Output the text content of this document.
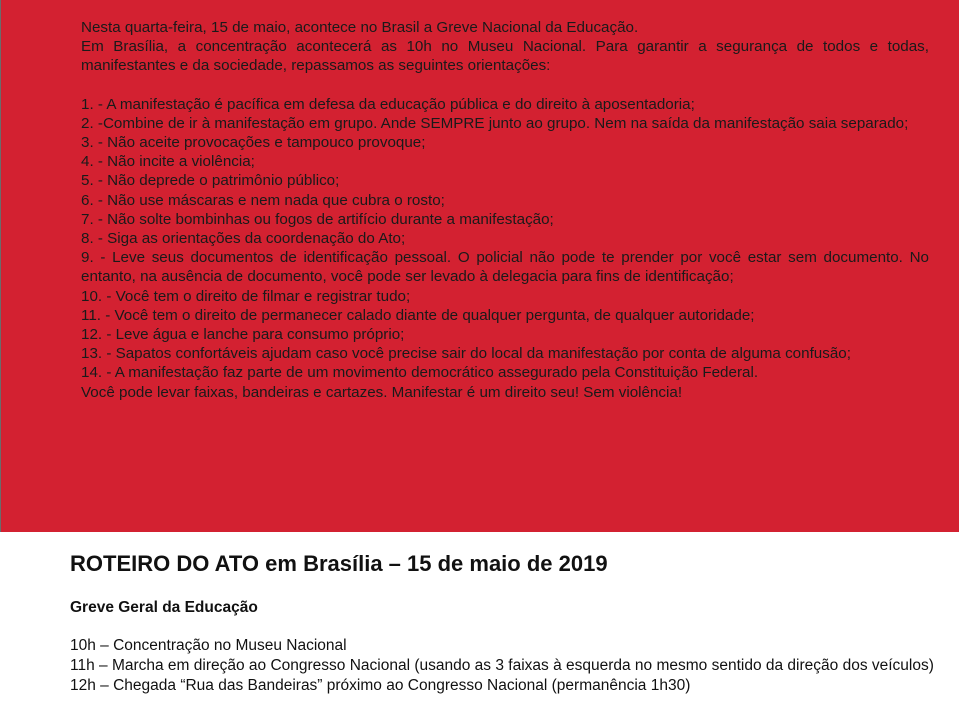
Nesta quarta-feira, 15 de maio, acontece no Brasil a Greve Nacional da Educação.

Em Brasília, a concentração acontecerá as 10h no Museu Nacional. Para garantir a segurança de todos e todas, manifestantes e da sociedade, repassamos as seguintes orientações:

1. - A manifestação é pacífica em defesa da educação pública e do direito à aposentadoria;
2. -Combine de ir à manifestação em grupo. Ande SEMPRE junto ao grupo. Nem na saída da manifestação saia separado;
3. - Não aceite provocações e tampouco provoque;
4. - Não incite a violência;
5. - Não deprede o patrimônio público;
6. - Não use máscaras e nem nada que cubra o rosto;
7. - Não solte bombinhas ou fogos de artifício durante a manifestação;
8. - Siga as orientações da coordenação do Ato;
9. - Leve seus documentos de identificação pessoal. O policial não pode te prender por você estar sem documento. No entanto, na ausência de documento, você pode ser levado à delegacia para fins de identificação;
10. - Você tem o direito de filmar e registrar tudo;
11. - Você tem o direito de permanecer calado diante de qualquer pergunta, de qualquer autoridade;
12. - Leve água e lanche para consumo próprio;
13. - Sapatos confortáveis ajudam caso você precise sair do local da manifestação por conta de alguma confusão;
14. - A manifestação faz parte de um movimento democrático assegurado pela Constituição Federal.

Você pode levar faixas, bandeiras e cartazes. Manifestar é um direito seu! Sem violência!

ROTEIRO DO ATO em Brasília – 15 de maio de 2019
Greve Geral da Educação
10h – Concentração no Museu Nacional
11h – Marcha em direção ao Congresso Nacional (usando as 3 faixas à esquerda no mesmo sentido da direção dos veículos)
12h – Chegada “Rua das Bandeiras” próximo ao Congresso Nacional (permanência 1h30)
